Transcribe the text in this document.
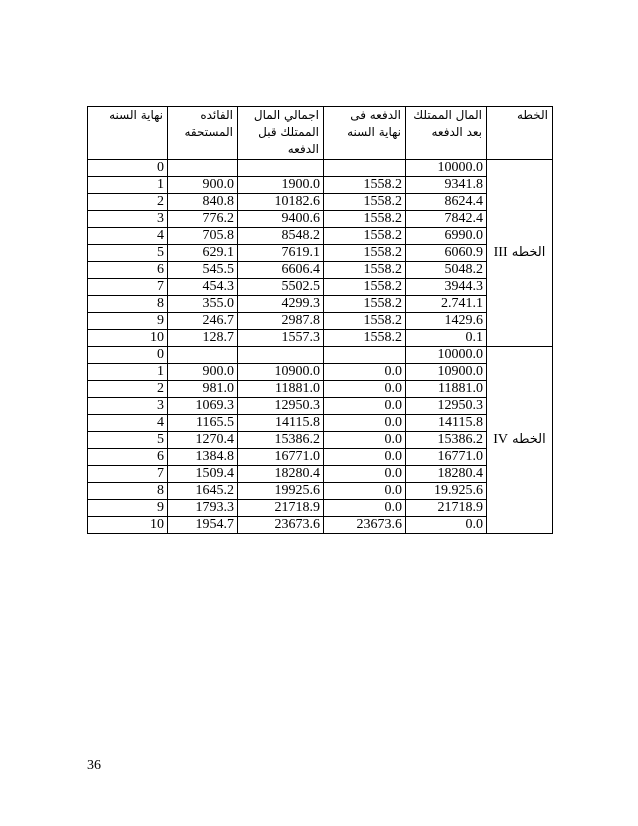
نهاية السنه	الفائده المستحقه	اجمالي المال الممتلك قبل الدفعه	الدفعه فى نهاية السنه	المال الممتلك بعد الدفعه	الخطه
0				10000.0	الخطه III
1	900.0	1900.0	1558.2	9341.8	
2	840.8	10182.6	1558.2	8624.4	
3	776.2	9400.6	1558.2	7842.4	
4	705.8	8548.2	1558.2	6990.0	
5	629.1	7619.1	1558.2	6060.9	
6	545.5	6606.4	1558.2	5048.2	
7	454.3	5502.5	1558.2	3944.3	
8	355.0	4299.3	1558.2	2.741.1	
9	246.7	2987.8	1558.2	1429.6	
10	128.7	1557.3	1558.2	0.1	
0				10000.0	الخطه IV
1	900.0	10900.0	0.0	10900.0	
2	981.0	11881.0	0.0	11881.0	
3	1069.3	12950.3	0.0	12950.3	
4	1165.5	14115.8	0.0	14115.8	
5	1270.4	15386.2	0.0	15386.2	
6	1384.8	16771.0	0.0	16771.0	
7	1509.4	18280.4	0.0	18280.4	
8	1645.2	19925.6	0.0	19.925.6	
9	1793.3	21718.9	0.0	21718.9	
10	1954.7	23673.6	23673.6	0.0	
36
